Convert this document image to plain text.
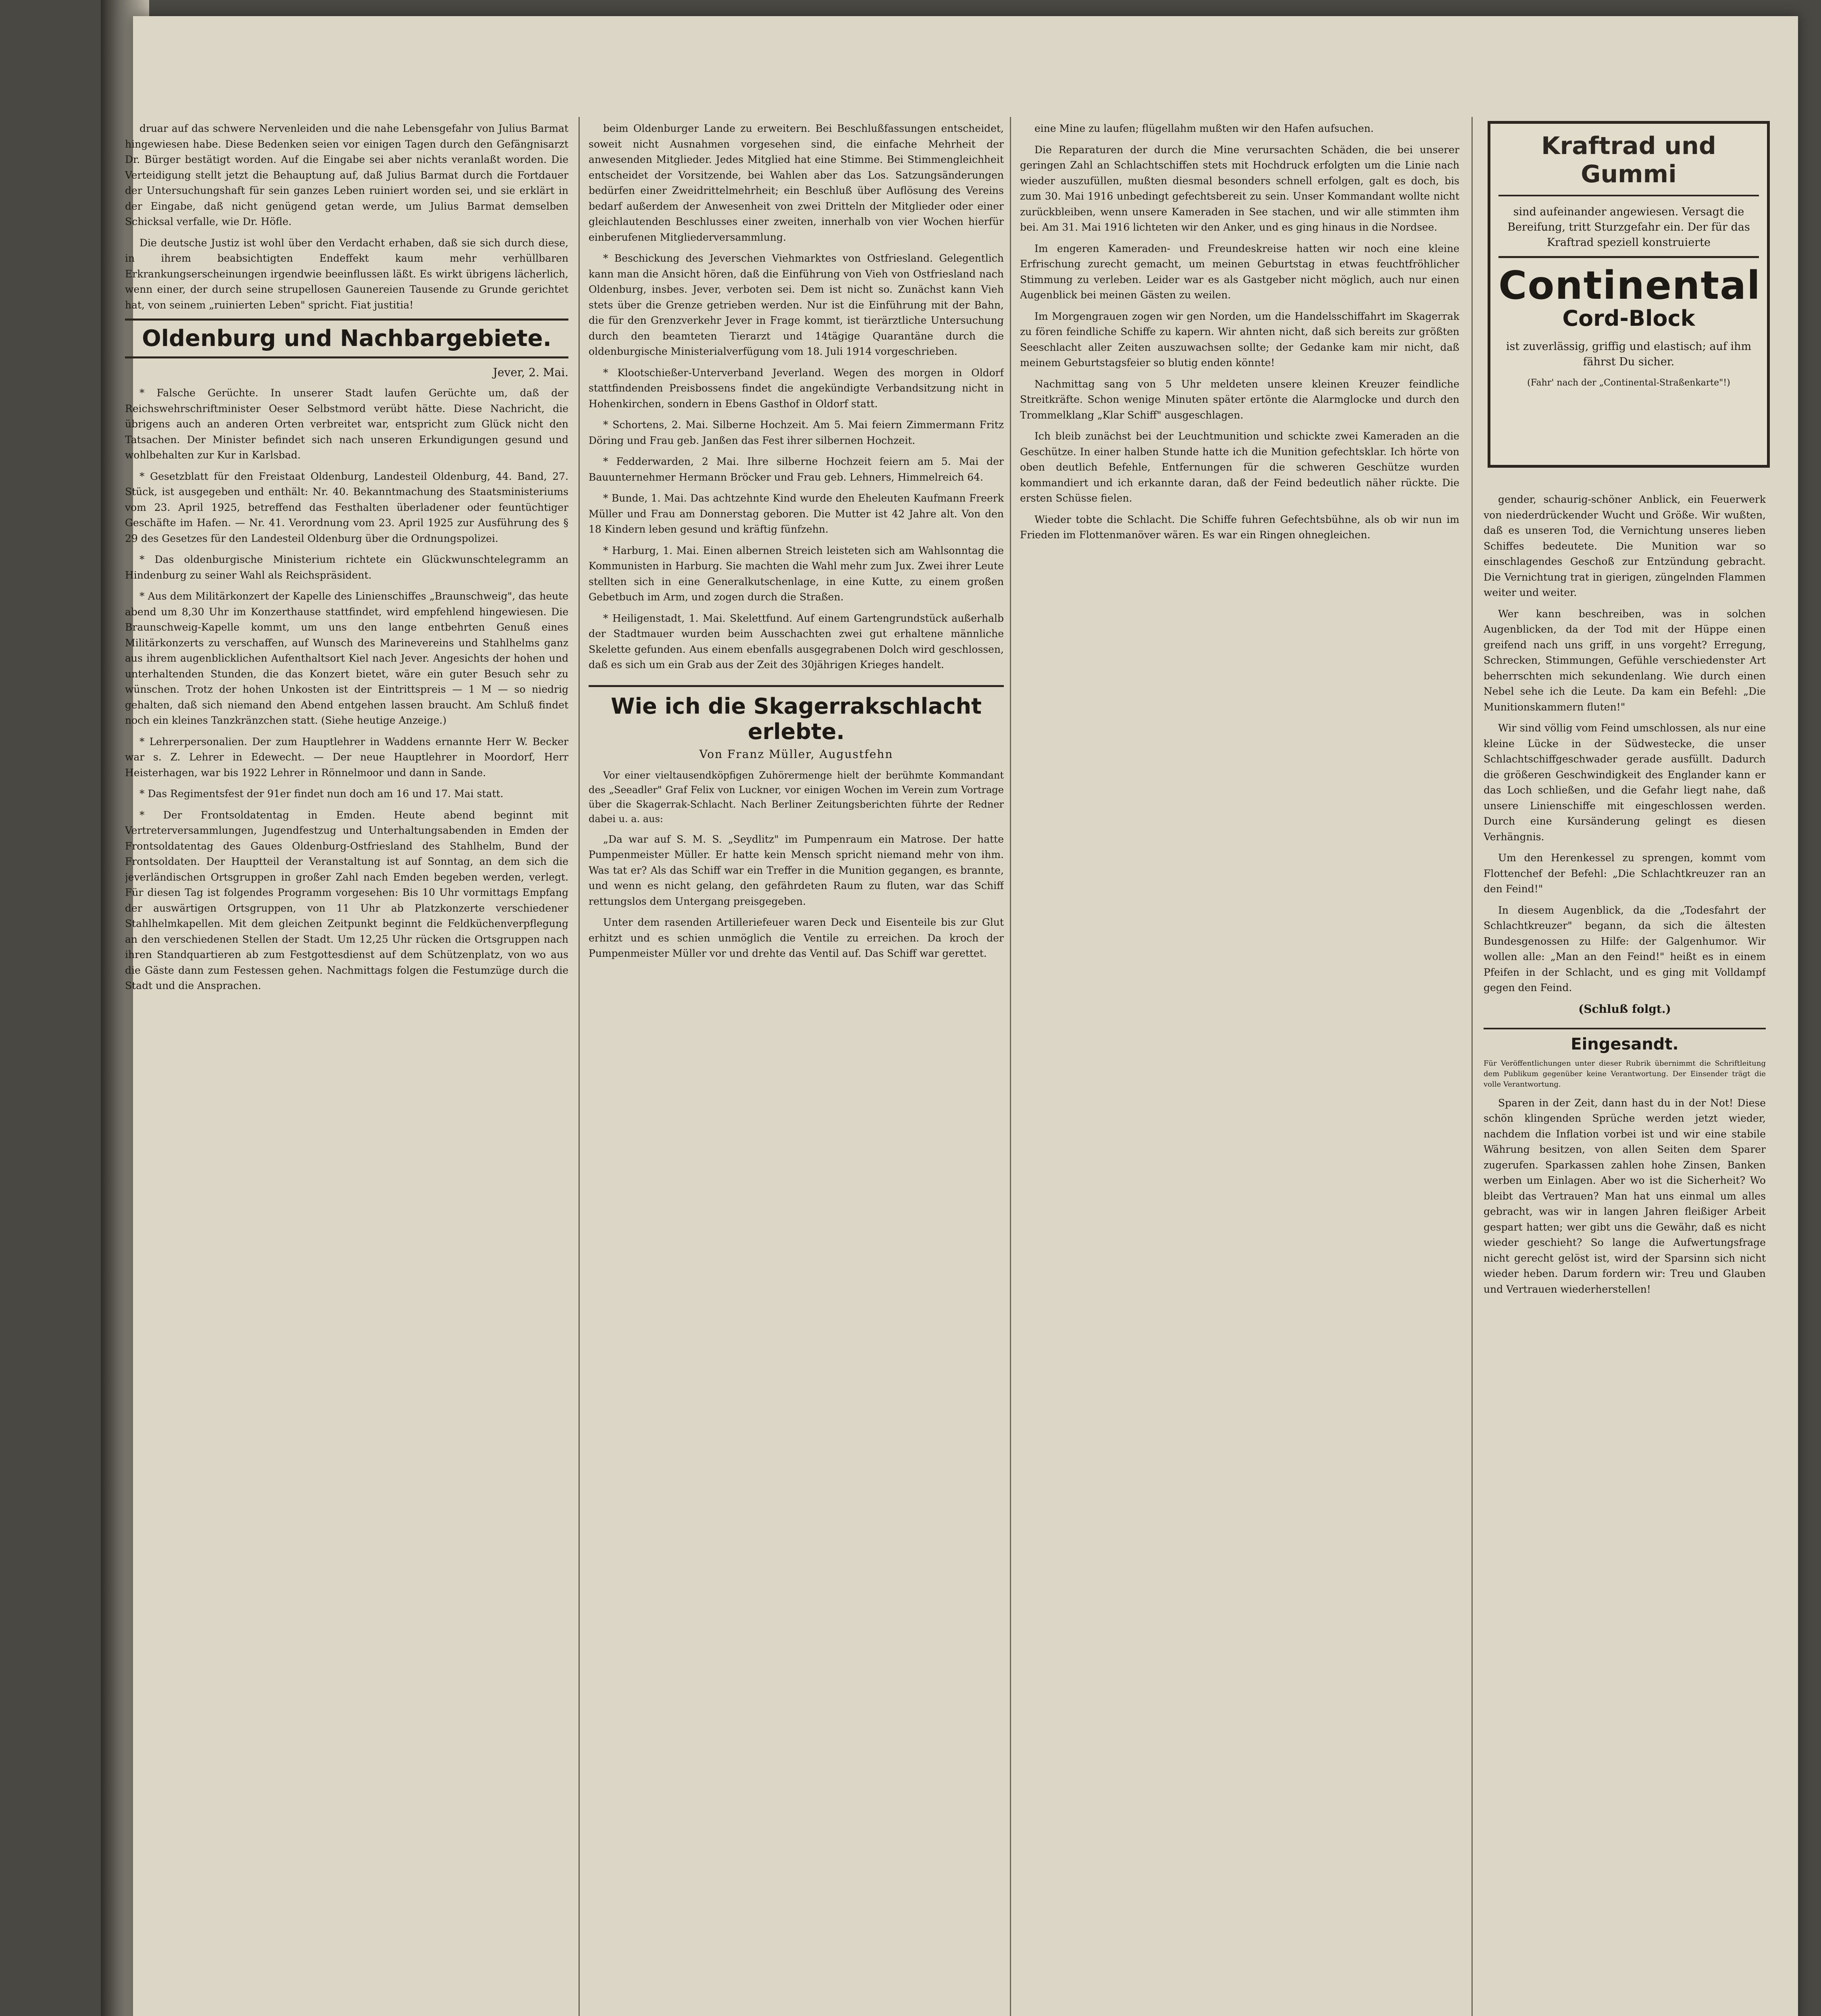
druar auf das schwere Nervenleiden und die nahe Lebensgefahr von Julius Barmat hingewiesen habe. Diese Bedenken seien vor einigen Tagen durch den Gefängnisarzt Dr. Bürger bestätigt worden. Auf die Eingabe sei aber nichts veranlaßt worden. Die Verteidigung stellt jetzt die Behauptung auf, daß Julius Barmat durch die Fortdauer der Untersuchungshaft für sein ganzes Leben ruiniert worden sei, und sie erklärt in der Eingabe, daß nicht genügend getan werde, um Julius Barmat demselben Schicksal verfalle, wie Dr. Höfle.

Die deutsche Justiz ist wohl über den Verdacht erhaben, daß sie sich durch diese, in ihrem beabsichtigten Endeffekt kaum mehr verhüllbaren Erkrankungserscheinungen irgendwie beeinflussen läßt. Es wirkt übrigens lächerlich, wenn einer, der durch seine strupellosen Gaunereien Tausende zu Grunde gerichtet hat, von seinem „ruinierten Leben" spricht. Fiat justitia!

Oldenburg und Nachbargebiete.
Jever, 2. Mai.

* Falsche Gerüchte. In unserer Stadt laufen Gerüchte um, daß der Reichswehrschriftminister Oeser Selbstmord verübt hätte. Diese Nachricht, die übrigens auch an anderen Orten verbreitet war, entspricht zum Glück nicht den Tatsachen. Der Minister befindet sich nach unseren Erkundigungen gesund und wohlbehalten zur Kur in Karlsbad.

* Gesetzblatt für den Freistaat Oldenburg, Landesteil Oldenburg, 44. Band, 27. Stück, ist ausgegeben und enthält: Nr. 40. Bekanntmachung des Staatsministeriums vom 23. April 1925, betreffend das Festhalten überladener oder feuntüchtiger Geschäfte im Hafen. — Nr. 41. Verordnung vom 23. April 1925 zur Ausführung des § 29 des Gesetzes für den Landesteil Oldenburg über die Ordnungspolizei.

* Das oldenburgische Ministerium richtete ein Glückwunschtelegramm an Hindenburg zu seiner Wahl als Reichspräsident.

* Aus dem Militärkonzert der Kapelle des Linienschiffes „Braunschweig", das heute abend um 8,30 Uhr im Konzerthause stattfindet, wird empfehlend hingewiesen. Die Braunschweig-Kapelle kommt, um uns den lange entbehrten Genuß eines Militärkonzerts zu verschaffen, auf Wunsch des Marinevereins und Stahlhelms ganz aus ihrem augenblicklichen Aufenthaltsort Kiel nach Jever. Angesichts der hohen und unterhaltenden Stunden, die das Konzert bietet, wäre ein guter Besuch sehr zu wünschen. Trotz der hohen Unkosten ist der Eintrittspreis — 1 M — so niedrig gehalten, daß sich niemand den Abend entgehen lassen braucht. Am Schluß findet noch ein kleines Tanzkränzchen statt. (Siehe heutige Anzeige.)

* Lehrerpersonalien. Der zum Hauptlehrer in Waddens ernannte Herr W. Becker war s. Z. Lehrer in Edewecht. — Der neue Hauptlehrer in Moordorf, Herr Heisterhagen, war bis 1922 Lehrer in Rönnelmoor und dann in Sande.

* Das Regimentsfest der 91er findet nun doch am 16 und 17. Mai statt.

* Der Frontsoldatentag in Emden. Heute abend beginnt mit Vertreterversammlungen, Jugendfestzug und Unterhaltungsabenden in Emden der Frontsoldatentag des Gaues Oldenburg-Ostfriesland des Stahlhelm, Bund der Frontsoldaten. Der Hauptteil der Veranstaltung ist auf Sonntag, an dem sich die jeverländischen Ortsgruppen in großer Zahl nach Emden begeben werden, verlegt. Für diesen Tag ist folgendes Programm vorgesehen: Bis 10 Uhr vormittags Empfang der auswärtigen Ortsgruppen, von 11 Uhr ab Platzkonzerte verschiedener Stahlhelmkapellen. Mit dem gleichen Zeitpunkt beginnt die Feldküchenverpflegung an den verschiedenen Stellen der Stadt. Um 12,25 Uhr rücken die Ortsgruppen nach ihren Standquartieren ab zum Festgottesdienst auf dem Schützenplatz, von wo aus die Gäste dann zum Festessen gehen. Nachmittags folgen die Festumzüge durch die Stadt und die Ansprachen.

beim Oldenburger Lande zu erweitern. Bei Beschlußfassungen entscheidet, soweit nicht Ausnahmen vorgesehen sind, die einfache Mehrheit der anwesenden Mitglieder. Jedes Mitglied hat eine Stimme. Bei Stimmengleichheit entscheidet der Vorsitzende, bei Wahlen aber das Los. Satzungsänderungen bedürfen einer Zweidrittelmehrheit; ein Beschluß über Auflösung des Vereins bedarf außerdem der Anwesenheit von zwei Dritteln der Mitglieder oder einer gleichlautenden Beschlusses einer zweiten, innerhalb von vier Wochen hierfür einberufenen Mitgliederversammlung.

* Beschickung des Jeverschen Viehmarktes von Ostfriesland. Gelegentlich kann man die Ansicht hören, daß die Einführung von Vieh von Ostfriesland nach Oldenburg, insbes. Jever, verboten sei. Dem ist nicht so. Zunächst kann Vieh stets über die Grenze getrieben werden. Nur ist die Einführung mit der Bahn, die für den Grenzverkehr Jever in Frage kommt, ist tierärztliche Untersuchung durch den beamteten Tierarzt und 14tägige Quarantäne durch die oldenburgische Ministerialverfügung vom 18. Juli 1914 vorgeschrieben.

* Klootschießer-Unterverband Jeverland. Wegen des morgen in Oldorf stattfindenden Preisbossens findet die angekündigte Verbandsitzung nicht in Hohenkirchen, sondern in Ebens Gasthof in Oldorf statt.

* Schortens, 2. Mai. Silberne Hochzeit. Am 5. Mai feiern Zimmermann Fritz Döring und Frau geb. Janßen das Fest ihrer silbernen Hochzeit.

* Fedderwarden, 2 Mai. Ihre silberne Hochzeit feiern am 5. Mai der Bauunternehmer Hermann Bröcker und Frau geb. Lehners, Himmelreich 64.

* Bunde, 1. Mai. Das achtzehnte Kind wurde den Eheleuten Kaufmann Freerk Müller und Frau am Donnerstag geboren. Die Mutter ist 42 Jahre alt. Von den 18 Kindern leben gesund und kräftig fünfzehn.

* Harburg, 1. Mai. Einen albernen Streich leisteten sich am Wahlsonntag die Kommunisten in Harburg. Sie machten die Wahl mehr zum Jux. Zwei ihrer Leute stellten sich in eine Generalkutschenlage, in eine Kutte, zu einem großen Gebetbuch im Arm, und zogen durch die Straßen.

* Heiligenstadt, 1. Mai. Skelettfund. Auf einem Gartengrundstück außerhalb der Stadtmauer wurden beim Ausschachten zwei gut erhaltene männliche Skelette gefunden. Aus einem ebenfalls ausgegrabenen Dolch wird geschlossen, daß es sich um ein Grab aus der Zeit des 30jährigen Krieges handelt.

Wie ich die Skagerrakschlacht erlebte.
Von Franz Müller, Augustfehn

Vor einer vieltausendköpfigen Zuhörermenge hielt der berühmte Kommandant des „Seeadler" Graf Felix von Luckner, vor einigen Wochen im Verein zum Vortrage über die Skagerrak-Schlacht. Nach Berliner Zeitungsberichten führte der Redner dabei u. a. aus:

„Da war auf S. M. S. „Seydlitz" im Pumpenraum ein Matrose. Der hatte Pumpenmeister Müller. Er hatte kein Mensch spricht niemand mehr von ihm. Was tat er? Als das Schiff war ein Treffer in die Munition gegangen, es brannte, und wenn es nicht gelang, den gefährdeten Raum zu fluten, war das Schiff rettungslos dem Untergang preisgegeben.

Unter dem rasenden Artilleriefeuer waren Deck und Eisenteile bis zur Glut erhitzt und es schien unmöglich die Ventile zu erreichen. Da kroch der Pumpenmeister Müller vor und drehte das Ventil auf. Das Schiff war gerettet.

eine Mine zu laufen; flügellahm mußten wir den Hafen aufsuchen.

Die Reparaturen der durch die Mine verursachten Schäden, die bei unserer geringen Zahl an Schlachtschiffen stets mit Hochdruck erfolgten um die Linie nach wieder auszufüllen, mußten diesmal besonders schnell erfolgen, galt es doch, bis zum 30. Mai 1916 unbedingt gefechtsbereit zu sein. Unser Kommandant wollte nicht zurückbleiben, wenn unsere Kameraden in See stachen, und wir alle stimmten ihm bei. Am 31. Mai 1916 lichteten wir den Anker, und es ging hinaus in die Nordsee.

Im engeren Kameraden- und Freundeskreise hatten wir noch eine kleine Erfrischung zurecht gemacht, um meinen Geburtstag in etwas feuchtfröhlicher Stimmung zu verleben. Leider war es als Gastgeber nicht möglich, auch nur einen Augenblick bei meinen Gästen zu weilen.

Im Morgengrauen zogen wir gen Norden, um die Handelsschiffahrt im Skagerrak zu fören feindliche Schiffe zu kapern. Wir ahnten nicht, daß sich bereits zur größten Seeschlacht aller Zeiten auszuwachsen sollte; der Gedanke kam mir nicht, daß meinem Geburtstagsfeier so blutig enden könnte!

Nachmittag sang von 5 Uhr meldeten unsere kleinen Kreuzer feindliche Streitkräfte. Schon wenige Minuten später ertönte die Alarmglocke und durch den Trommelklang „Klar Schiff" ausgeschlagen.

Ich bleib zunächst bei der Leuchtmunition und schickte zwei Kameraden an die Geschütze. In einer halben Stunde hatte ich die Munition gefechtsklar. Ich hörte von oben deutlich Befehle, Entfernungen für die schweren Geschütze wurden kommandiert und ich erkannte daran, daß der Feind bedeutlich näher rückte. Die ersten Schüsse fielen.

Wieder tobte die Schlacht. Die Schiffe fuhren Gefechtsbühne, als ob wir nun im Frieden im Flottenmanöver wären. Es war ein Ringen ohnegleichen.

Kraftrad und Gummi
sind aufeinander angewiesen. Versagt die Bereifung, tritt Sturzgefahr ein. Der für das Kraftrad speziell konstruierte
Continental
Cord-Block
ist zuverlässig, griffig und elastisch; auf ihm fährst Du sicher.
(Fahr' nach der „Continental-Straßenkarte"!)

gender, schaurig-schöner Anblick, ein Feuerwerk von niederdrückender Wucht und Größe. Wir wußten, daß es unseren Tod, die Vernichtung unseres lieben Schiffes bedeutete. Die Munition war so einschlagendes Geschoß zur Entzündung gebracht. Die Vernichtung trat in gierigen, züngelnden Flammen weiter und weiter.

Wer kann beschreiben, was in solchen Augenblicken, da der Tod mit der Hüppe einen greifend nach uns griff, in uns vorgeht? Erregung, Schrecken, Stimmungen, Gefühle verschiedenster Art beherrschten mich sekundenlang. Wie durch einen Nebel sehe ich die Leute. Da kam ein Befehl: „Die Munitionskammern fluten!"

Wir sind völlig vom Feind umschlossen, als nur eine kleine Lücke in der Südwestecke, die unser Schlachtschiffgeschwader gerade ausfüllt. Dadurch die größeren Geschwindigkeit des Englander kann er das Loch schließen, und die Gefahr liegt nahe, daß unsere Linienschiffe mit eingeschlossen werden. Durch eine Kursänderung gelingt es diesen Verhängnis.

Um den Herenkessel zu sprengen, kommt vom Flottenchef der Befehl: „Die Schlachtkreuzer ran an den Feind!"

In diesem Augenblick, da die „Todesfahrt der Schlachtkreuzer" begann, da sich die ältesten Bundesgenossen zu Hilfe: der Galgenhumor. Wir wollen alle: „Man an den Feind!" heißt es in einem Pfeifen in der Schlacht, und es ging mit Volldampf gegen den Feind.

(Schluß folgt.)
Eingesandt.

Für Veröffentlichungen unter dieser Rubrik übernimmt die Schriftleitung dem Publikum gegenüber keine Verantwortung. Der Einsender trägt die volle Verantwortung.

Sparen in der Zeit, dann hast du in der Not! Diese schön klingenden Sprüche werden jetzt wieder, nachdem die Inflation vorbei ist und wir eine stabile Währung besitzen, von allen Seiten dem Sparer zugerufen. Sparkassen zahlen hohe Zinsen, Banken werben um Einlagen. Aber wo ist die Sicherheit? Wo bleibt das Vertrauen? Man hat uns einmal um alles gebracht, was wir in langen Jahren fleißiger Arbeit gespart hatten; wer gibt uns die Gewähr, daß es nicht wieder geschieht? So lange die Aufwertungsfrage nicht gerecht gelöst ist, wird der Sparsinn sich nicht wieder heben. Darum fordern wir: Treu und Glauben und Vertrauen wiederherstellen!
